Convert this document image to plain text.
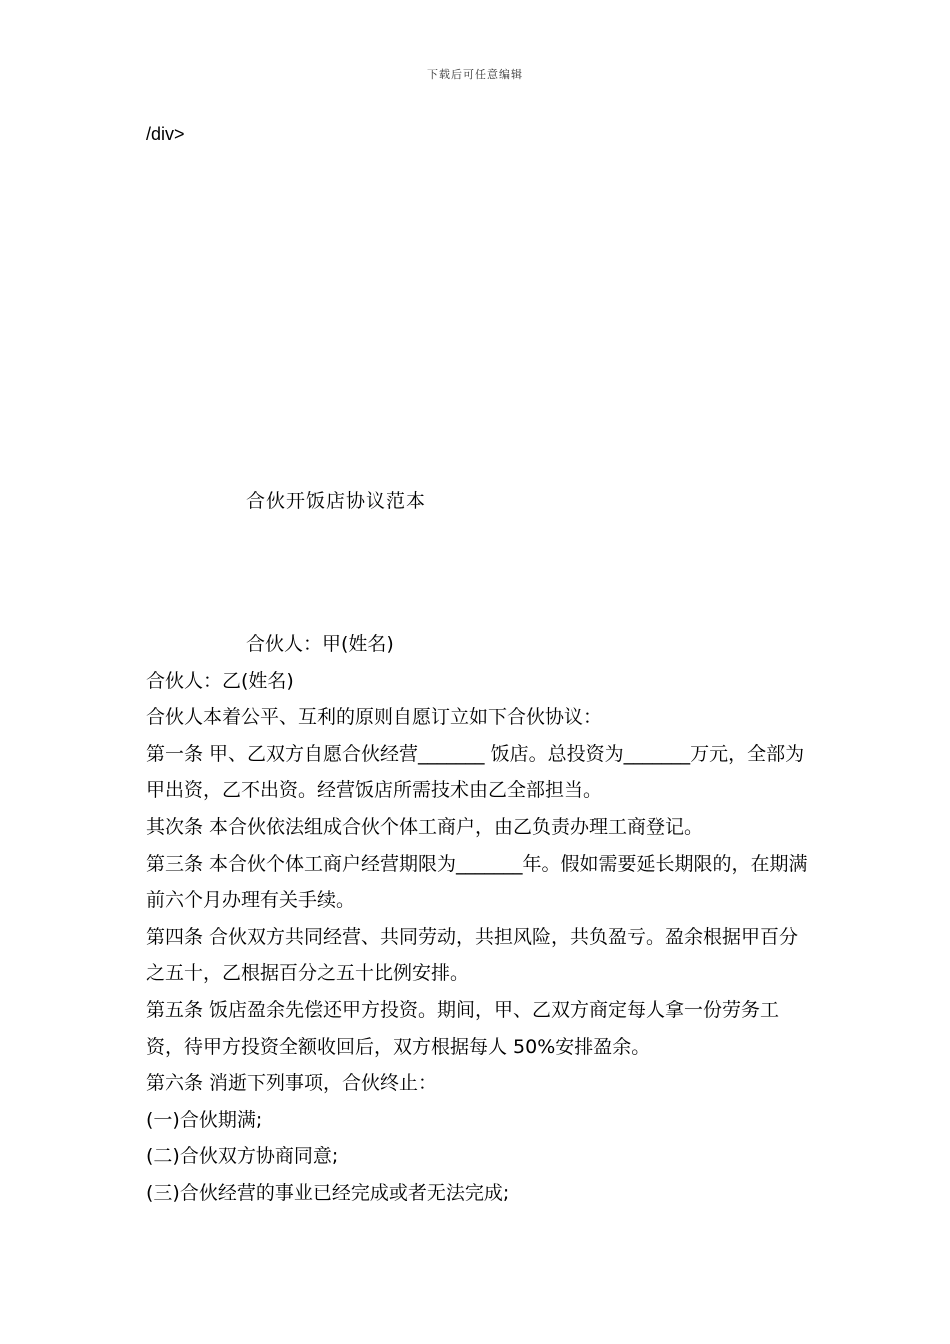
下载后可任意编辑
/div>
合伙开饭店协议范本

合伙人：甲(姓名)

合伙人：乙(姓名)

合伙人本着公平、互利的原则自愿订立如下合伙协议：

第一条 甲、乙双方自愿合伙经营_______ 饭店。总投资为_______万元，全部为甲出资，乙不出资。经营饭店所需技术由乙全部担当。

其次条 本合伙依法组成合伙个体工商户，由乙负责办理工商登记。

第三条 本合伙个体工商户经营期限为_______年。假如需要延长期限的，在期满前六个月办理有关手续。

第四条 合伙双方共同经营、共同劳动，共担风险，共负盈亏。盈余根据甲百分之五十，乙根据百分之五十比例安排。

第五条 饭店盈余先偿还甲方投资。期间，甲、乙双方商定每人拿一份劳务工资，待甲方投资全额收回后，双方根据每人 50%安排盈余。

第六条 消逝下列事项，合伙终止：

(一)合伙期满;

(二)合伙双方协商同意;

(三)合伙经营的事业已经完成或者无法完成;
